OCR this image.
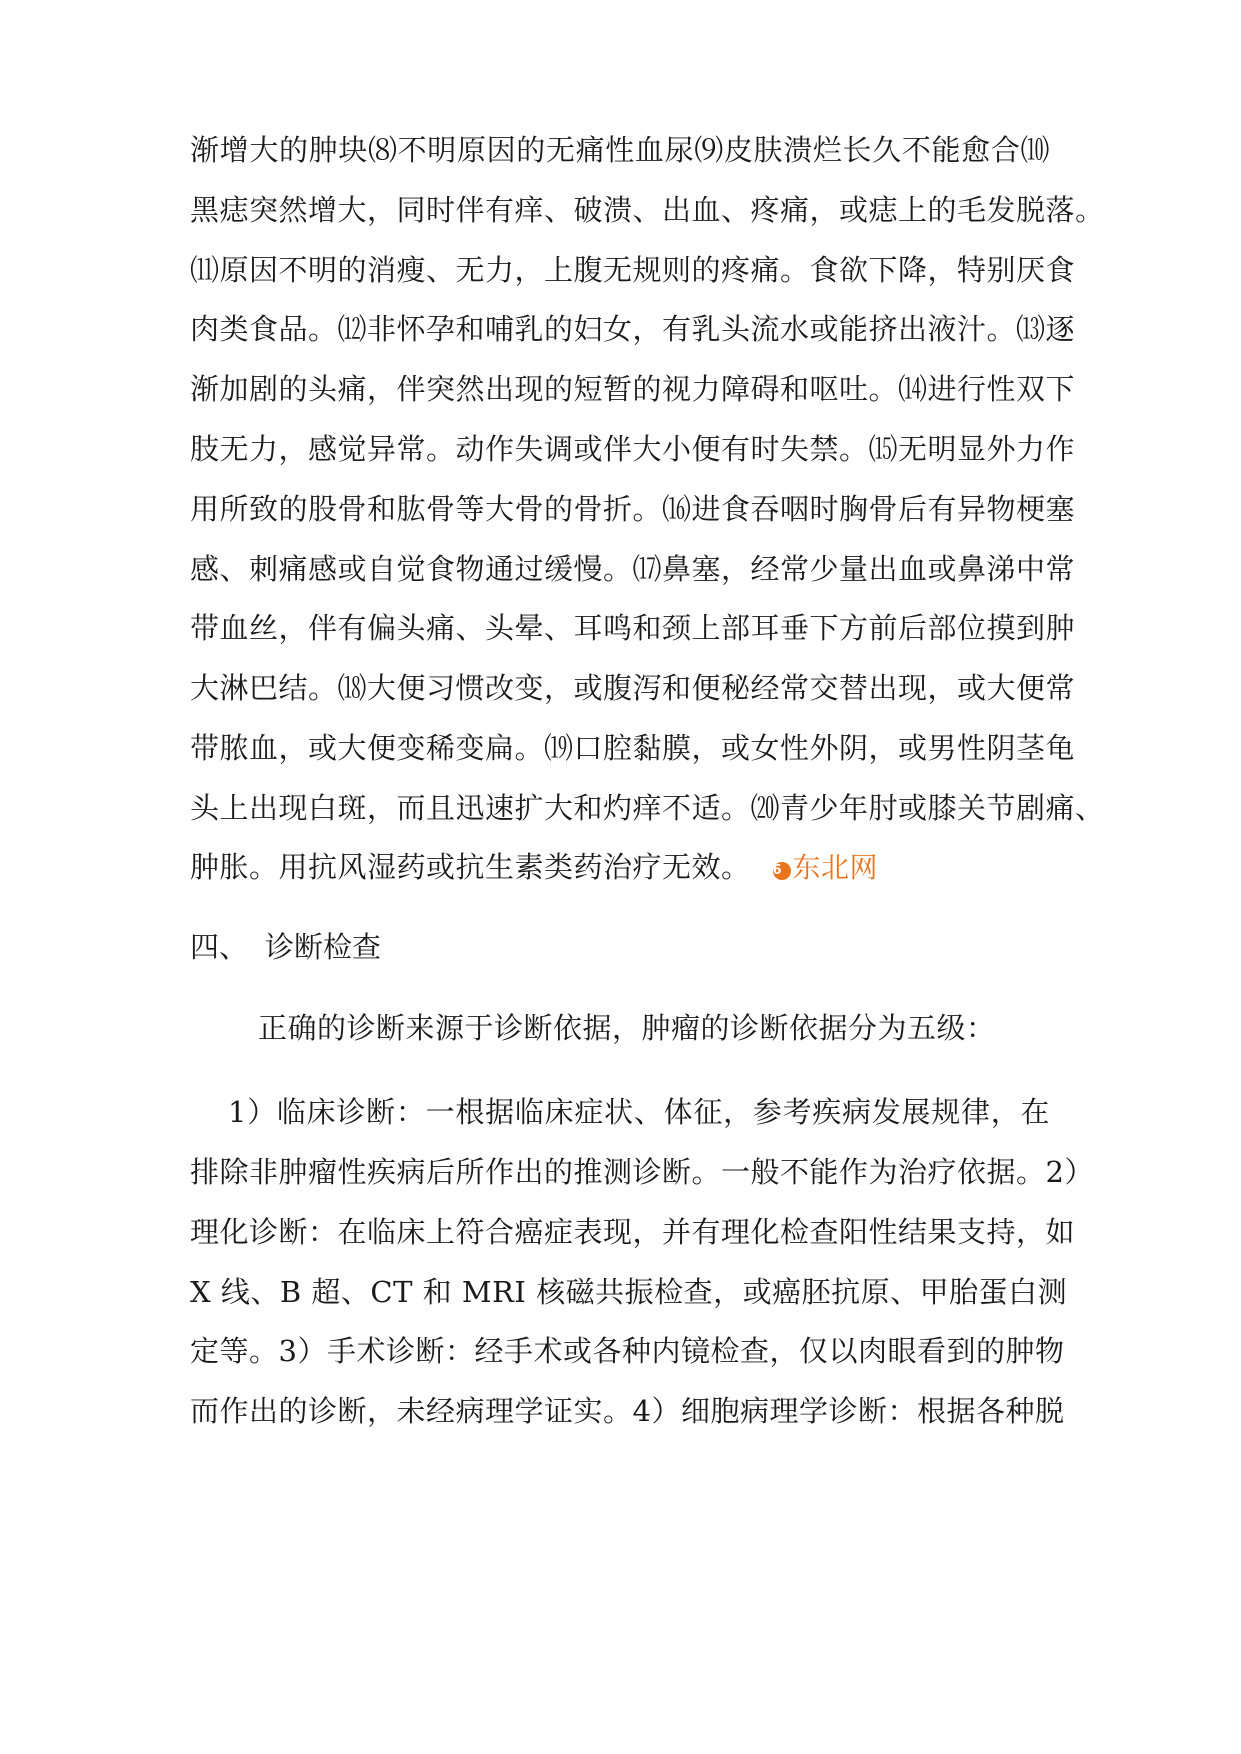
渐增大的肿块⑻不明原因的无痛性血尿⑼皮肤溃烂长久不能愈合⑽
黑痣突然增大，同时伴有痒、破溃、出血、疼痛，或痣上的毛发脱落。
⑾原因不明的消瘦、无力，上腹无规则的疼痛。食欲下降，特别厌食
肉类食品。⑿非怀孕和哺乳的妇女，有乳头流水或能挤出液汁。⒀逐
渐加剧的头痛，伴突然出现的短暂的视力障碍和呕吐。⒁进行性双下
肢无力，感觉异常。动作失调或伴大小便有时失禁。⒂无明显外力作
用所致的股骨和肱骨等大骨的骨折。⒃进食吞咽时胸骨后有异物梗塞
感、刺痛感或自觉食物通过缓慢。⒄鼻塞，经常少量出血或鼻涕中常
带血丝，伴有偏头痛、头晕、耳鸣和颈上部耳垂下方前后部位摸到肿
大淋巴结。⒅大便习惯改变，或腹泻和便秘经常交替出现，或大便常
带脓血，或大便变稀变扁。⒆口腔黏膜，或女性外阴，或男性阴茎龟
头上出现白斑，而且迅速扩大和灼痒不适。⒇青少年肘或膝关节剧痛、
肿胀。用抗风湿药或抗生素类药治疗无效。 6 东北网
四、 诊断检查
正确的诊断来源于诊断依据，肿瘤的诊断依据分为五级：
1）临床诊断：一根据临床症状、体征，参考疾病发展规律，在
排除非肿瘤性疾病后所作出的推测诊断。一般不能作为治疗依据。2）
理化诊断：在临床上符合癌症表现，并有理化检查阳性结果支持，如
X 线、B 超、CT 和 MRI 核磁共振检查，或癌胚抗原、甲胎蛋白测
定等。3）手术诊断：经手术或各种内镜检查，仅以肉眼看到的肿物
而作出的诊断，未经病理学证实。4）细胞病理学诊断：根据各种脱
